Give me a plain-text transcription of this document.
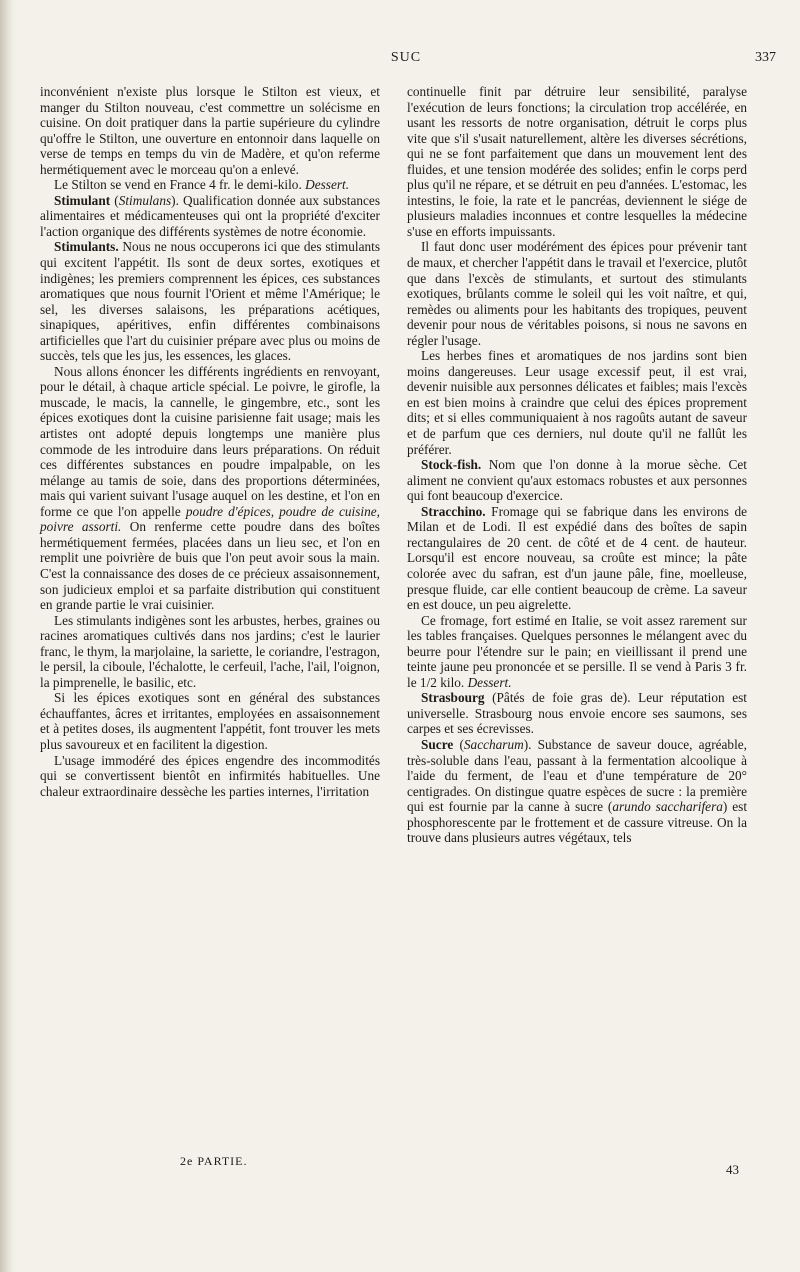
SUC	337

inconvénient n'existe plus lorsque le Stilton est vieux, et manger du Stilton nouveau, c'est commettre un solécisme en cuisine. On doit pratiquer dans la partie supérieure du cylindre qu'offre le Stilton, une ouverture en entonnoir dans laquelle on verse de temps en temps du vin de Madère, et qu'on referme hermétiquement avec le morceau qu'on a enlevé.

Le Stilton se vend en France 4 fr. le demi-kilo. Dessert.

Stimulant (Stimulans). Qualification donnée aux substances alimentaires et médicamenteuses qui ont la propriété d'exciter l'action organique des différents systèmes de notre économie.

Stimulants. Nous ne nous occuperons ici que des stimulants qui excitent l'appétit. Ils sont de deux sortes, exotiques et indigènes; les premiers comprennent les épices, ces substances aromatiques que nous fournit l'Orient et même l'Amérique; le sel, les diverses salaisons, les préparations acétiques, sinapiques, apéritives, enfin différentes combinaisons artificielles que l'art du cuisinier prépare avec plus ou moins de succès, tels que les jus, les essences, les glaces.

Nous allons énoncer les différents ingrédients en renvoyant, pour le détail, à chaque article spécial. Le poivre, le girofle, la muscade, le macis, la cannelle, le gingembre, etc., sont les épices exotiques dont la cuisine parisienne fait usage; mais les artistes ont adopté depuis longtemps une manière plus commode de les introduire dans leurs préparations. On réduit ces différentes substances en poudre impalpable, on les mélange au tamis de soie, dans des proportions déterminées, mais qui varient suivant l'usage auquel on les destine, et l'on en forme ce que l'on appelle poudre d'épices, poudre de cuisine, poivre assorti. On renferme cette poudre dans des boîtes hermétiquement fermées, placées dans un lieu sec, et l'on en remplit une poivrière de buis que l'on peut avoir sous la main. C'est la connaissance des doses de ce précieux assaisonnement, son judicieux emploi et sa parfaite distribution qui constituent en grande partie le vrai cuisinier.

Les stimulants indigènes sont les arbustes, herbes, graines ou racines aromatiques cultivés dans nos jardins; c'est le laurier franc, le thym, la marjolaine, la sariette, le coriandre, l'estragon, le persil, la ciboule, l'échalotte, le cerfeuil, l'ache, l'ail, l'oignon, la pimprenelle, le basilic, etc.

Si les épices exotiques sont en général des substances échauffantes, âcres et irritantes, employées en assaisonnement et à petites doses, ils augmentent l'appétit, font trouver les mets plus savoureux et en facilitent la digestion.

L'usage immodéré des épices engendre des incommodités qui se convertissent bientôt en infirmités habituelles. Une chaleur extraordinaire dessèche les parties internes, l'irritation

continuelle finit par détruire leur sensibilité, paralyse l'exécution de leurs fonctions; la circulation trop accélérée, en usant les ressorts de notre organisation, détruit le corps plus vite que s'il s'usait naturellement, altère les diverses sécrétions, qui ne se font parfaitement que dans un mouvement lent des fluides, et une tension modérée des solides; enfin le corps perd plus qu'il ne répare, et se détruit en peu d'années. L'estomac, les intestins, le foie, la rate et le pancréas, deviennent le siége de plusieurs maladies inconnues et contre lesquelles la médecine s'use en efforts impuissants.

Il faut donc user modérément des épices pour prévenir tant de maux, et chercher l'appétit dans le travail et l'exercice, plutôt que dans l'excès de stimulants, et surtout des stimulants exotiques, brûlants comme le soleil qui les voit naître, et qui, remèdes ou aliments pour les habitants des tropiques, peuvent devenir pour nous de véritables poisons, si nous ne savons en régler l'usage.

Les herbes fines et aromatiques de nos jardins sont bien moins dangereuses. Leur usage excessif peut, il est vrai, devenir nuisible aux personnes délicates et faibles; mais l'excès en est bien moins à craindre que celui des épices proprement dits; et si elles communiquaient à nos ragoûts autant de saveur et de parfum que ces derniers, nul doute qu'il ne fallût les préférer.

Stock-fish. Nom que l'on donne à la morue sèche. Cet aliment ne convient qu'aux estomacs robustes et aux personnes qui font beaucoup d'exercice.

Stracchino. Fromage qui se fabrique dans les environs de Milan et de Lodi. Il est expédié dans des boîtes de sapin rectangulaires de 20 cent. de côté et de 4 cent. de hauteur. Lorsqu'il est encore nouveau, sa croûte est mince; la pâte colorée avec du safran, est d'un jaune pâle, fine, moelleuse, presque fluide, car elle contient beaucoup de crème. La saveur en est douce, un peu aigrelette.

Ce fromage, fort estimé en Italie, se voit assez rarement sur les tables françaises. Quelques personnes le mélangent avec du beurre pour l'étendre sur le pain; en vieillissant il prend une teinte jaune peu prononcée et se persille. Il se vend à Paris 3 fr. le 1/2 kilo. Dessert.

Strasbourg (Pâtés de foie gras de). Leur réputation est universelle. Strasbourg nous envoie encore ses saumons, ses carpes et ses écrevisses.

Sucre (Saccharum). Substance de saveur douce, agréable, très-soluble dans l'eau, passant à la fermentation alcoolique à l'aide du ferment, de l'eau et d'une température de 20° centigrades. On distingue quatre espèces de sucre : la première qui est fournie par la canne à sucre (arundo saccharifera) est phosphorescente par le frottement et de cassure vitreuse. On la trouve dans plusieurs autres végétaux, tels

2e PARTIE.
43
